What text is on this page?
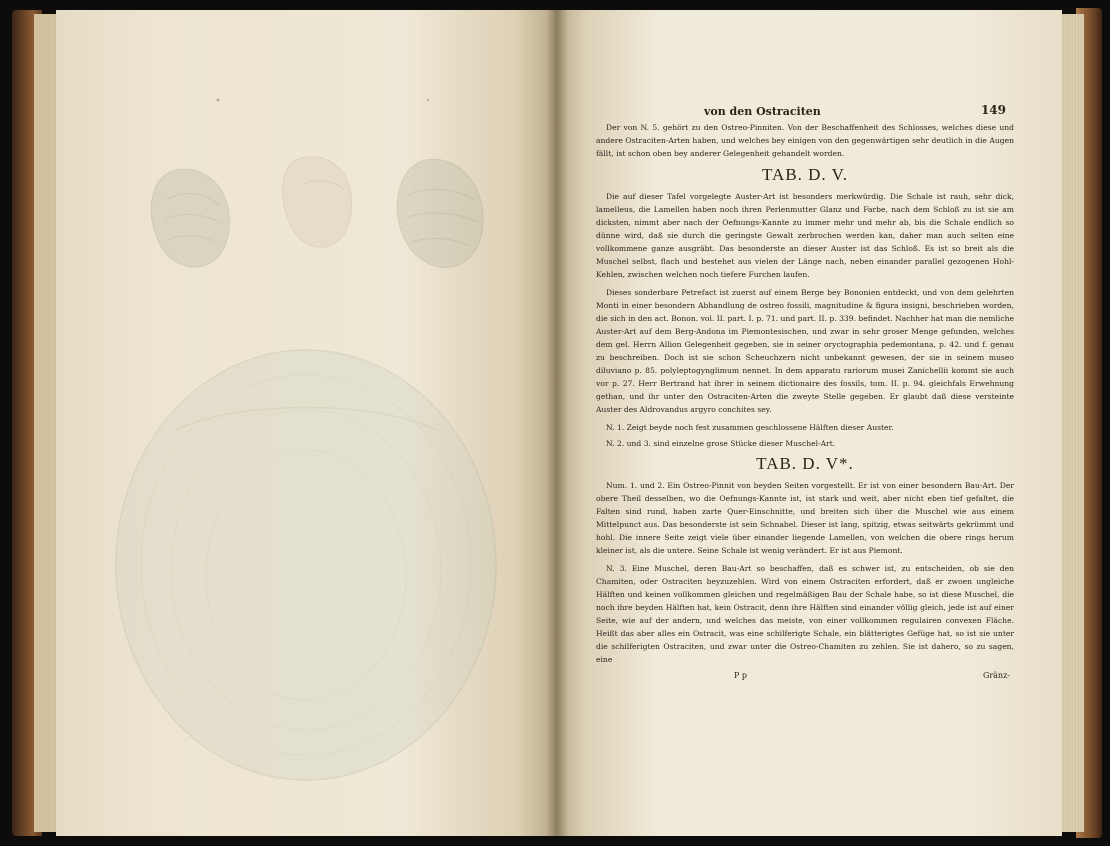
von den Ostraciten	149

Der von N. 5. gehört zu den Ostreo-Pinniten. Von der Beschaffenheit des Schlosses, welches diese und andere Ostraciten-Arten haben, und welches bey einigen von den gegenwärtigen sehr deutlich in die Augen fällt, ist schon oben bey anderer Gelegenheit gehandelt worden.

TAB. D. V.

Die auf dieser Tafel vorgelegte Auster-Art ist besonders merkwürdig. Die Schale ist rauh, sehr dick, lamelleus, die Lamellen haben noch ihren Perlenmutter Glanz und Farbe, nach dem Schloß zu ist sie am dicksten, nimmt aber nach der Oefnungs-Kannte zu immer mehr und mehr ab, bis die Schale endlich so dünne wird, daß sie durch die geringste Gewalt zerbrochen werden kan, daher man auch selten eine vollkommene ganze ausgräbt. Das besonderste an dieser Auster ist das Schloß. Es ist so breit als die Muschel selbst, flach und bestehet aus vielen der Länge nach, neben einander parallel gezogenen Hohl-Kehlen, zwischen welchen noch tiefere Furchen laufen.

Dieses sonderbare Petrefact ist zuerst auf einem Berge bey Bononien entdeckt, und von dem gelehrten Monti in einer besondern Abhandlung de ostreo fossili, magnitudine & figura insigni, beschrieben worden, die sich in den act. Bonon. vol. II. part. I. p. 71. und part. II. p. 339. befindet. Nachher hat man die nemliche Auster-Art auf dem Berg-Andona im Piemontesischen, und zwar in sehr groser Menge gefunden, welches dem gel. Herrn Allion Gelegenheit gegeben, sie in seiner oryctographia pedemontana, p. 42. und f. genau zu beschreiben. Doch ist sie schon Scheuchzern nicht unbekannt gewesen, der sie in seinem museo diluviano p. 85. polyleptogynglimum nennet. In dem apparatu rariorum musei Zanichellii kommt sie auch vor p. 27. Herr Bertrand hat ihrer in seinem dictionaire des fossils, tom. II. p. 94. gleichfals Erwehnung gethan, und ihr unter den Ostraciten-Arten die zweyte Stelle gegeben. Er glaubt daß diese versteinte Auster des Aldrovandus argyro conchites sey.

N. 1. Zeigt beyde noch fest zusammen geschlossene Hälften dieser Auster.

N. 2. und 3. sind einzelne grose Stücke dieser Muschel-Art.

TAB. D. V*.

Num. 1. und 2. Ein Ostreo-Pinnit von beyden Seiten vorgestellt. Er ist von einer besondern Bau-Art. Der obere Theil desselben, wo die Oefnungs-Kannte ist, ist stark und weit, aber nicht eben tief gefaltet, die Falten sind rund, haben zarte Quer-Einschnitte, und breiten sich über die Muschel wie aus einem Mittelpunct aus. Das besonderste ist sein Schnabel. Dieser ist lang, spitzig, etwas seitwärts gekrümmt und hohl. Die innere Seite zeigt viele über einander liegende Lamellen, von welchen die obere rings herum kleiner ist, als die untere. Seine Schale ist wenig verändert. Er ist aus Piemont.

N. 3. Eine Muschel, deren Bau-Art so beschaffen, daß es schwer ist, zu entscheiden, ob sie den Chamiten, oder Ostraciten beyzuzehlen. Wird von einem Ostraciten erfordert, daß er zwoen ungleiche Hälften und keinen vollkommen gleichen und regelmäßigen Bau der Schale habe, so ist diese Muschel, die noch ihre beyden Hälften hat, kein Ostracit, denn ihre Hälften sind einander völlig gleich, jede ist auf einer Seite, wie auf der andern, und welches das meiste, von einer vollkommen regulairen convexen Fläche. Heißt das aber alles ein Ostracit, was eine schilferigte Schale, ein blätterigtes Gefüge hat, so ist sie unter die schilferigten Ostraciten, und zwar unter die Ostreo-Chamiten zu zehlen. Sie ist dahero, so zu sagen, eine

P p	Gränz-
